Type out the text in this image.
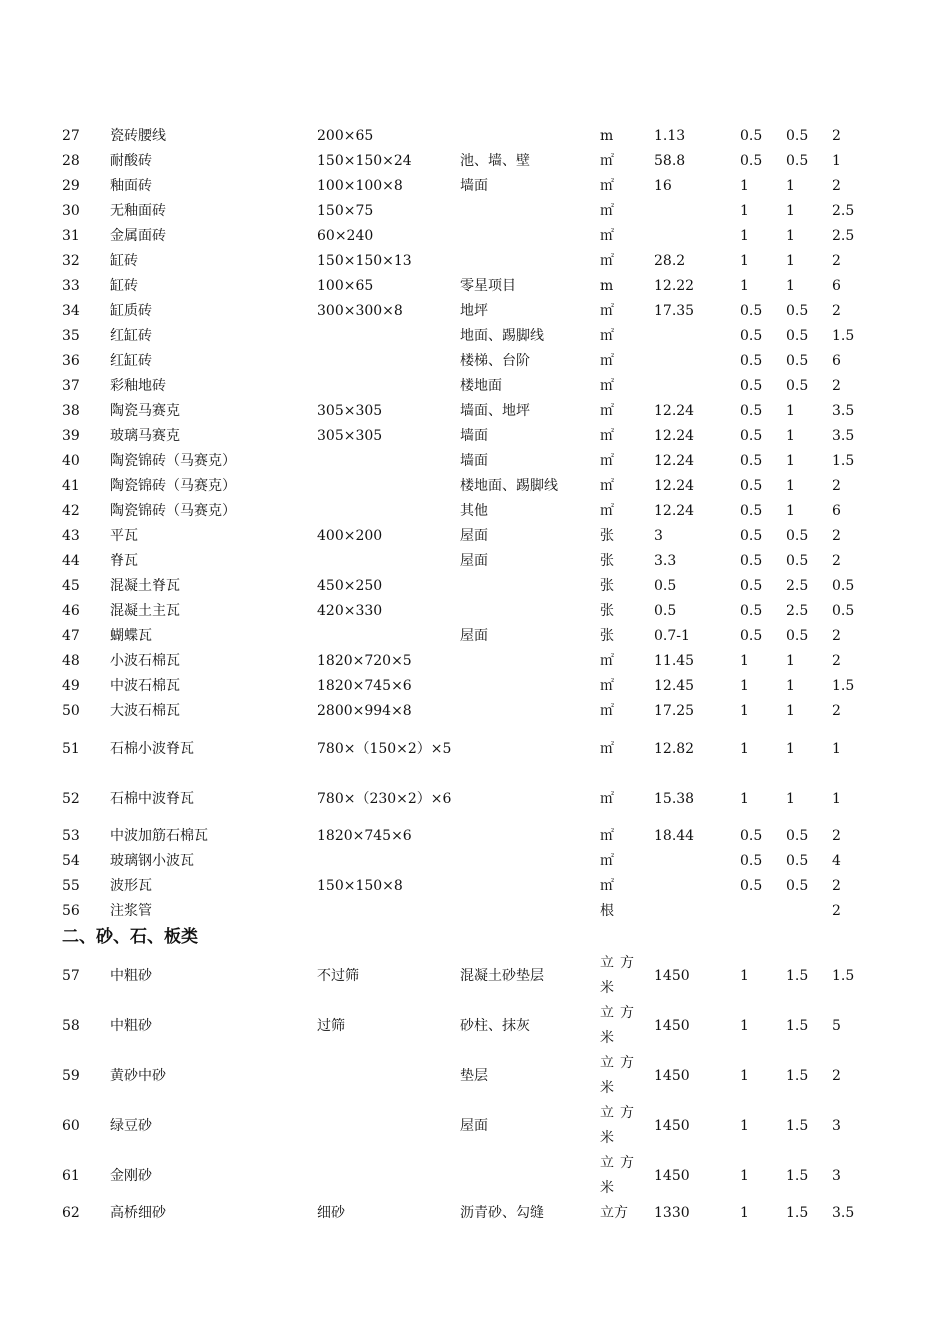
27	瓷砖腰线	200×65		m	1.13	0.5	0.5	2
28	耐酸砖	150×150×24	池、墙、壁	㎡	58.8	0.5	0.5	1
29	釉面砖	100×100×8	墙面	㎡	16	1	1	2
30	无釉面砖	150×75		㎡		1	1	2.5
31	金属面砖	60×240		㎡		1	1	2.5
32	缸砖	150×150×13		㎡	28.2	1	1	2
33	缸砖	100×65	零星项目	m	12.22	1	1	6
34	缸质砖	300×300×8	地坪	㎡	17.35	0.5	0.5	2
35	红缸砖		地面、踢脚线	㎡		0.5	0.5	1.5
36	红缸砖		楼梯、台阶	㎡		0.5	0.5	6
37	彩釉地砖		楼地面	㎡		0.5	0.5	2
38	陶瓷马赛克	305×305	墙面、地坪	㎡	12.24	0.5	1	3.5
39	玻璃马赛克	305×305	墙面	㎡	12.24	0.5	1	3.5
40	陶瓷锦砖（马赛克）		墙面	㎡	12.24	0.5	1	1.5
41	陶瓷锦砖（马赛克）		楼地面、踢脚线	㎡	12.24	0.5	1	2
42	陶瓷锦砖（马赛克）		其他	㎡	12.24	0.5	1	6
43	平瓦	400×200	屋面	张	3	0.5	0.5	2
44	脊瓦		屋面	张	3.3	0.5	0.5	2
45	混凝土脊瓦	450×250		张	0.5	0.5	2.5	0.5
46	混凝土主瓦	420×330		张	0.5	0.5	2.5	0.5
47	蝴蝶瓦		屋面	张	0.7-1	0.5	0.5	2
48	小波石棉瓦	1820×720×5		㎡	11.45	1	1	2
49	中波石棉瓦	1820×745×6		㎡	12.45	1	1	1.5
50	大波石棉瓦	2800×994×8		㎡	17.25	1	1	2
51	石棉小波脊瓦	780×（150×2）×5		㎡	12.82	1	1	1
52	石棉中波脊瓦	780×（230×2）×6		㎡	15.38	1	1	1
53	中波加筋石棉瓦	1820×745×6		㎡	18.44	0.5	0.5	2
54	玻璃钢小波瓦			㎡		0.5	0.5	4
55	波形瓦	150×150×8		㎡		0.5	0.5	2
56	注浆管			根				2
二、砂、石、板类								
57	中粗砂	不过筛	混凝土砂垫层	立方米	1450	1	1.5	1.5
58	中粗砂	过筛	砂柱、抹灰	立方米	1450	1	1.5	5
59	黄砂中砂		垫层	立方米	1450	1	1.5	2
60	绿豆砂		屋面	立方米	1450	1	1.5	3
61	金刚砂			立方米	1450	1	1.5	3
62	高桥细砂	细砂	沥青砂、勾缝	立方	1330	1	1.5	3.5
